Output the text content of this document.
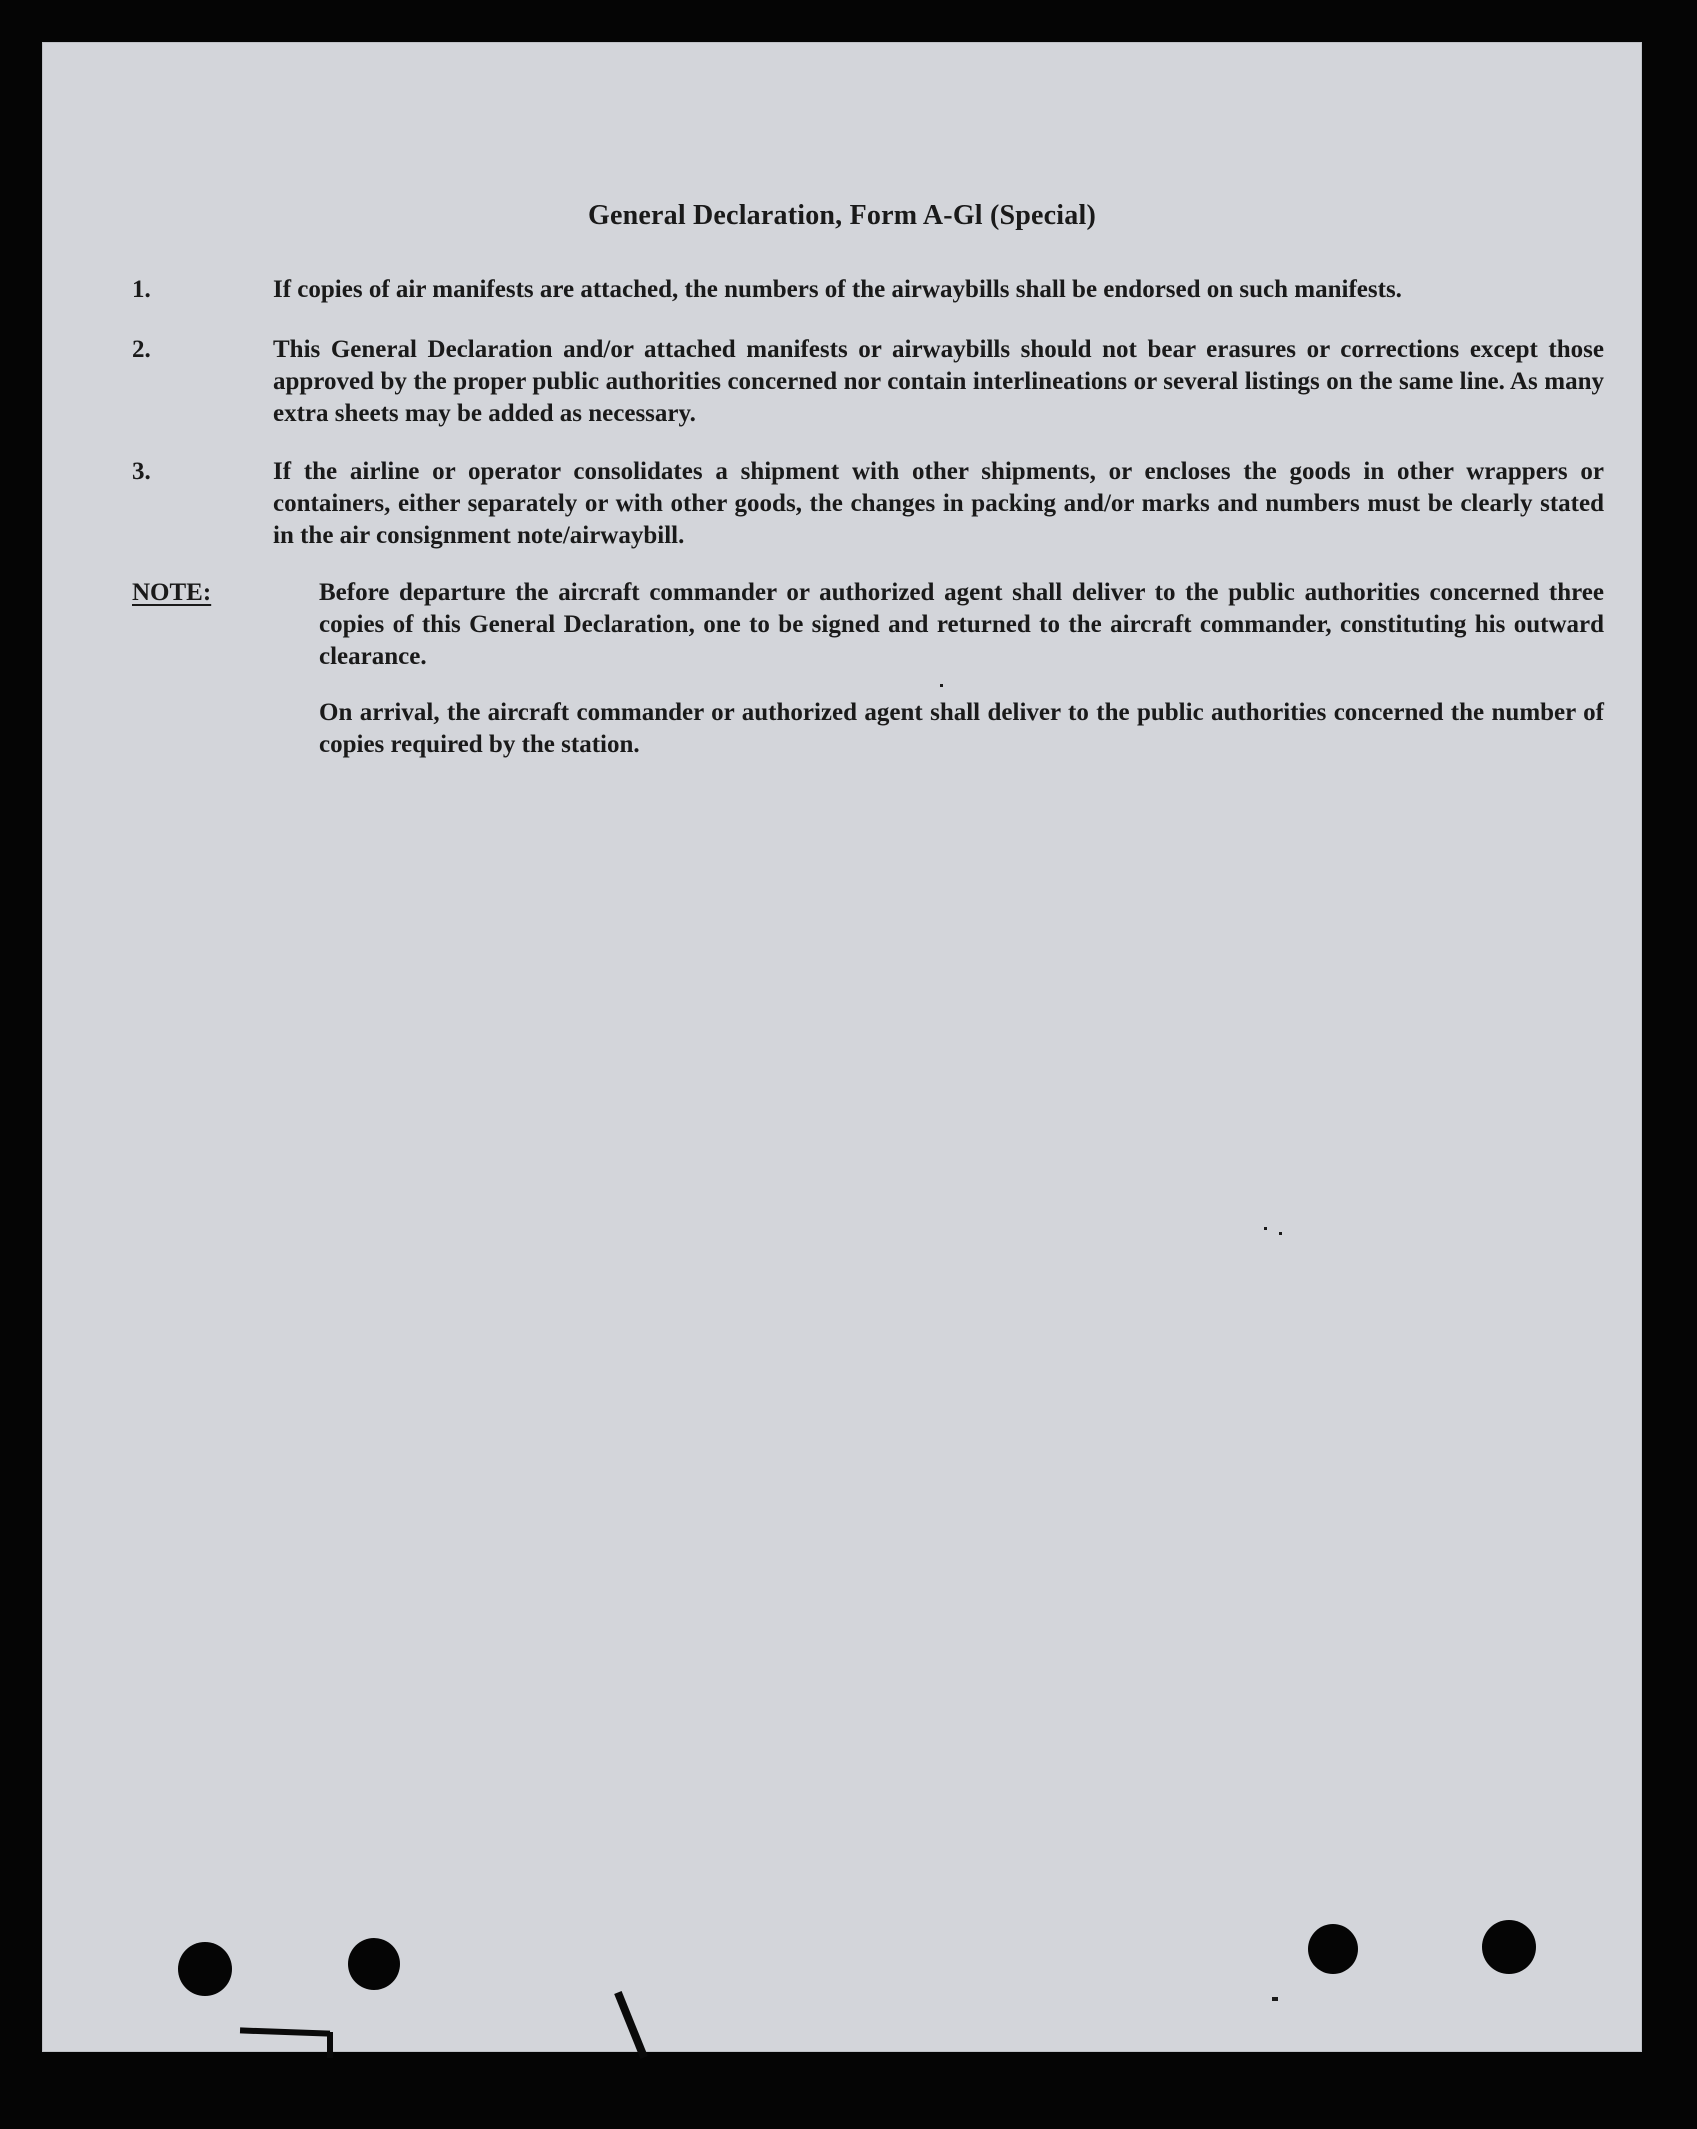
General Declaration, Form A-Gl (Special)
1.	If copies of air manifests are attached, the numbers of the airwaybills shall be endorsed on such manifests.
2.	This General Declaration and/or attached manifests or airwaybills should not bear erasures or corrections except those approved by the proper public authorities concerned nor contain interlineations or several listings on the same line. As many extra sheets may be added as necessary.
3.	If the airline or operator consolidates a shipment with other shipments, or encloses the goods in other wrappers or containers, either separately or with other goods, the changes in packing and/or marks and numbers must be clearly stated in the air consignment note/airwaybill.
NOTE:	Before departure the aircraft commander or authorized agent shall deliver to the public authorities concerned three copies of this General Declaration, one to be signed and returned to the aircraft commander, constituting his outward clearance.
On arrival, the aircraft commander or authorized agent shall deliver to the public authorities concerned the number of copies required by the station.
